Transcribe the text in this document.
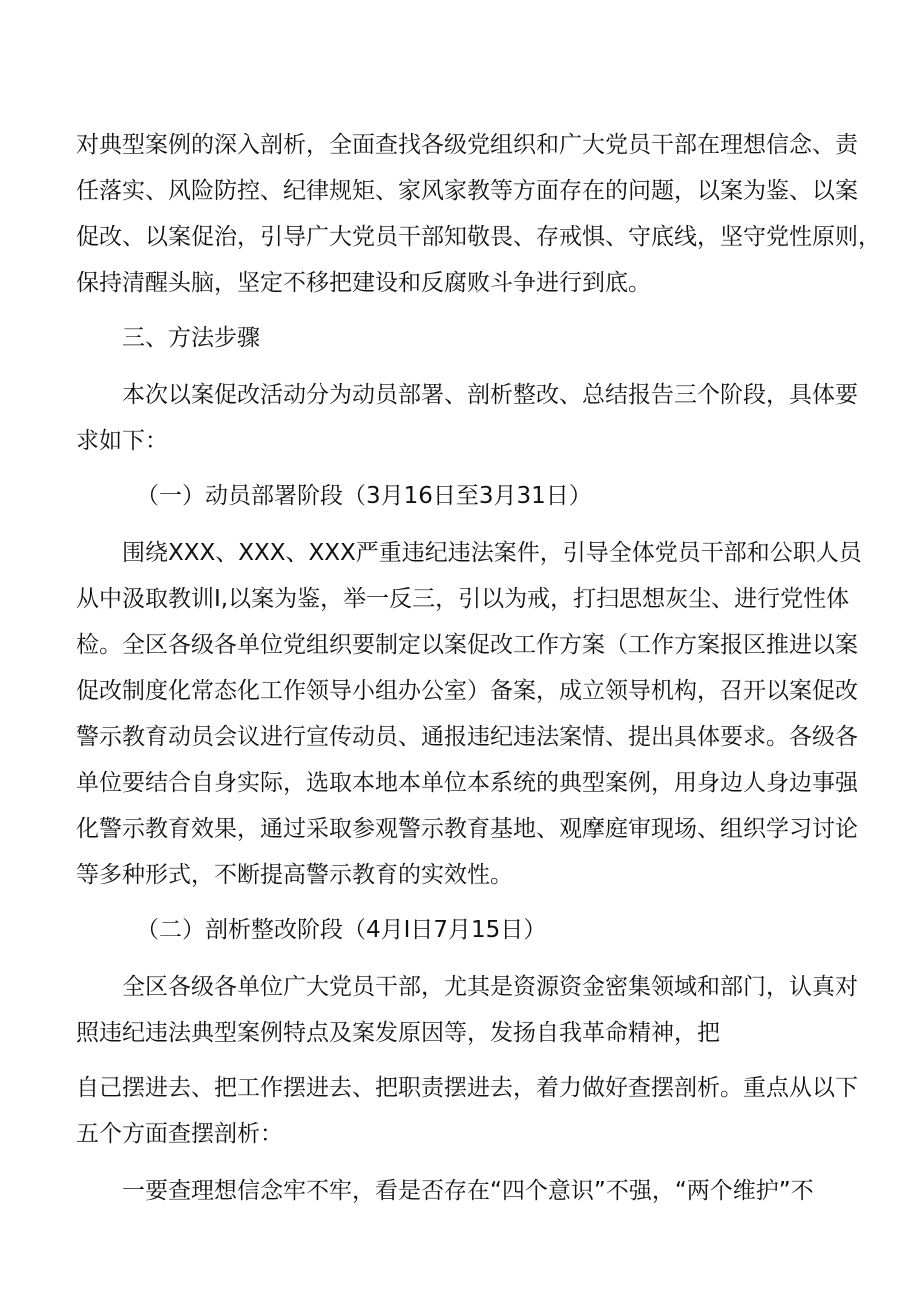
对典型案例的深入剖析，全面查找各级党组织和广大党员干部在理想信念、责

任落实、风险防控、纪律规矩、家风家教等方面存在的问题，以案为鉴、以案

促改、以案促治，引导广大党员干部知敬畏、存戒惧、守底线，坚守党性原则，

保持清醒头脑，坚定不移把建设和反腐败斗争进行到底。

三、方法步骤

本次以案促改活动分为动员部署、剖析整改、总结报告三个阶段，具体要

求如下：

（一）动员部署阶段（3月16日至3月31日）

围绕XXX、XXX、XXX严重违纪违法案件，引导全体党员干部和公职人员

从中汲取教训I,以案为鉴，举一反三，引以为戒，打扫思想灰尘、进行党性体

检。全区各级各单位党组织要制定以案促改工作方案（工作方案报区推进以案

促改制度化常态化工作领导小组办公室）备案，成立领导机构，召开以案促改

警示教育动员会议进行宣传动员、通报违纪违法案情、提出具体要求。各级各

单位要结合自身实际，选取本地本单位本系统的典型案例，用身边人身边事强

化警示教育效果，通过采取参观警示教育基地、观摩庭审现场、组织学习讨论

等多种形式，不断提高警示教育的实效性。

（二）剖析整改阶段（4月I日7月15日）

全区各级各单位广大党员干部，尤其是资源资金密集领域和部门，认真对

照违纪违法典型案例特点及案发原因等，发扬自我革命精神，把

自己摆进去、把工作摆进去、把职责摆进去，着力做好查摆剖析。重点从以下

五个方面查摆剖析：

一要查理想信念牢不牢，看是否存在“四个意识”不强，“两个维护”不
